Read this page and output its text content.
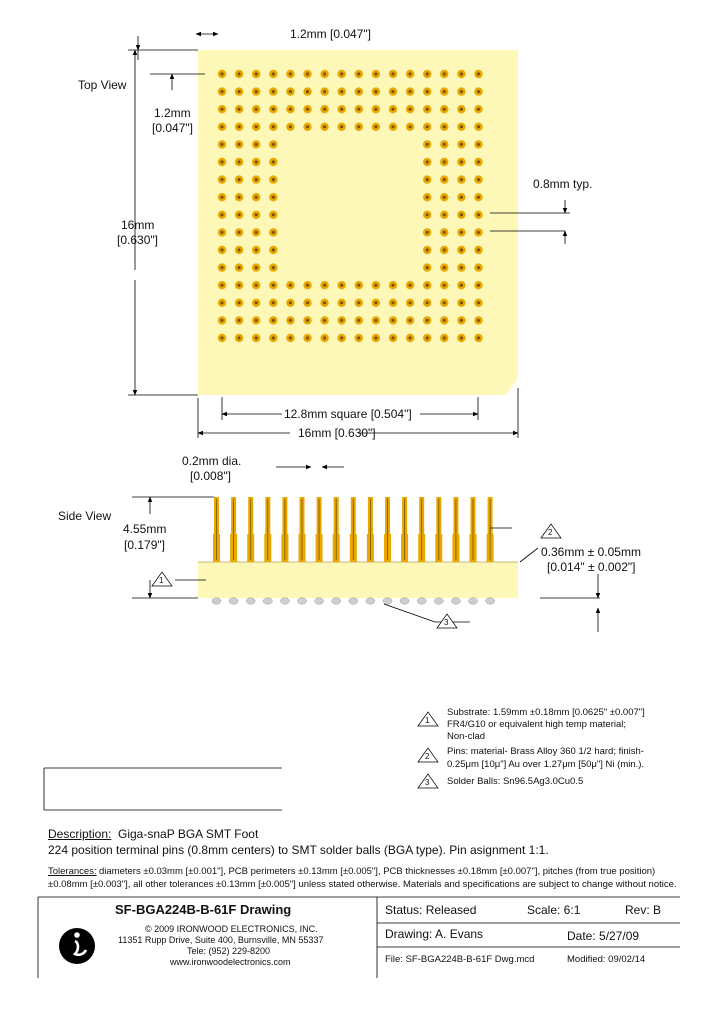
Top View
1.2mm [0.047"]
1.2mm
[0.047"]
16mm
[0.630"]
0.8mm typ.
12.8mm square [0.504"]
16mm [0.630"]
Side View
0.2mm dia.
[0.008"]
4.55mm
[0.179"]	0.36mm ± 0.05mm
[0.014" ± 0.002"]
1
2
3
1
Substrate: 1.59mm ±0.18mm [0.0625" ±0.007"]
FR4/G10 or equivalent high temp material;
Non-clad
2 Pins: material- Brass Alloy 360 1/2 hard; finish-
0.25μm [10μ"] Au over 1.27μm [50μ"] Ni (min.).
3 Solder Balls: Sn96.5Ag3.0Cu0.5
Description: Giga-snaP BGA SMT Foot
224 position terminal pins (0.8mm centers) to SMT solder balls (BGA type). Pin asignment 1:1.
Tolerances: diameters ±0.03mm [±0.001"], PCB perimeters ±0.13mm [±0.005"], PCB thicknesses ±0.18mm [±0.007"], pitches (from true position)
±0.08mm [±0.003"], all other tolerances ±0.13mm [±0.005"] unless stated otherwise. Materials and specifications are subject to change without notice.
SF-BGA224B-B-61F Drawing
© 2009 IRONWOOD ELECTRONICS, INC.
11351 Rupp Drive, Suite 400, Burnsville, MN 55337
Tele: (952) 229-8200
www.ironwoodelectronics.com
Status: Released	Scale: 6:1	Rev: B
Drawing: A. Evans	Date: 5/27/09
File: SF-BGA224B-B-61F Dwg.mcd	Modified: 09/02/14
